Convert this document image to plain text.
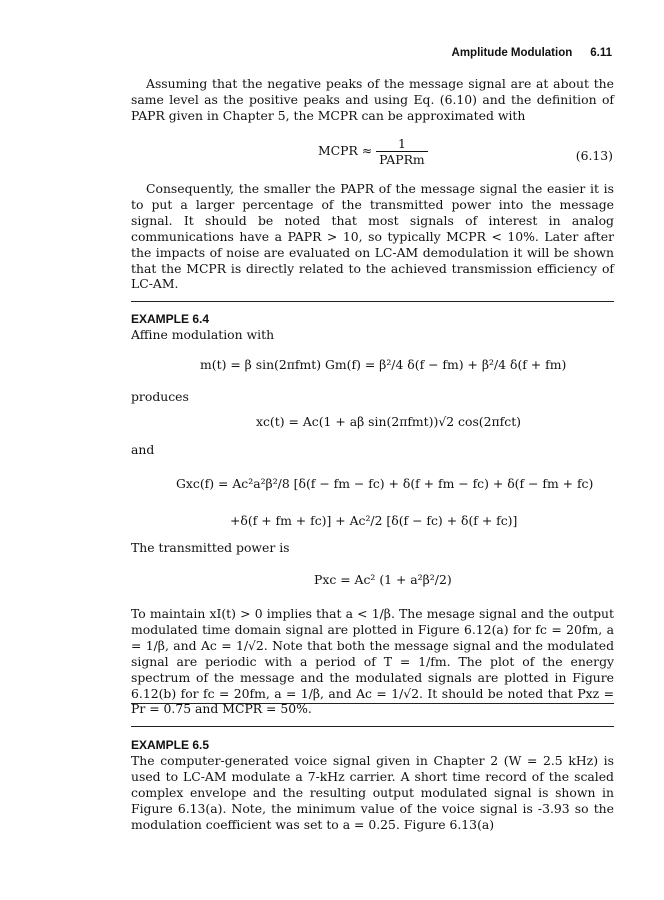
Amplitude Modulation 6.11

Assuming that the negative peaks of the message signal are at about the same level as the positive peaks and using Eq. (6.10) and the definition of PAPR given in Chapter 5, the MCPR can be approximated with

MCPR ≈ $\frac{1}{\text{PAPRm}}$	(6.13)

Consequently, the smaller the PAPR of the message signal the easier it is to put a larger percentage of the transmitted power into the message signal. It should be noted that most signals of interest in analog communications have a PAPR > 10, so typically MCPR < 10%. Later after the impacts of noise are evaluated on LC-AM demodulation it will be shown that the MCPR is directly related to the achieved transmission efficiency of LC-AM.

EXAMPLE 6.4
Affine modulation with
m(t) = β sin(2πfmt) Gm(f) = β²/4 δ(f − fm) + β²/4 δ(f + fm)
produces
xc(t) = Ac(1 + aβ sin(2πfmt))√2 cos(2πfct)
and
Gxc(f) = Ac²a²β²/8 [δ(f − fm − fc) + δ(f + fm − fc) + δ(f − fm + fc)
+δ(f + fm + fc)] + Ac²/2 [δ(f − fc) + δ(f + fc)]
The transmitted power is
Pxc = Ac² (1 + a²β²/2)

To maintain xI(t) > 0 implies that a < 1/β. The mesage signal and the output modulated time domain signal are plotted in Figure 6.12(a) for fc = 20fm, a = 1/β, and Ac = 1/√2. Note that both the message signal and the modulated signal are periodic with a period of T = 1/fm. The plot of the energy spectrum of the message and the modulated signals are plotted in Figure 6.12(b) for fc = 20fm, a = 1/β, and Ac = 1/√2. It should be noted that Pxz = Pr = 0.75 and MCPR = 50%.

EXAMPLE 6.5

The computer-generated voice signal given in Chapter 2 (W = 2.5 kHz) is used to LC-AM modulate a 7-kHz carrier. A short time record of the scaled complex envelope and the resulting output modulated signal is shown in Figure 6.13(a). Note, the minimum value of the voice signal is -3.93 so the modulation coefficient was set to a = 0.25. Figure 6.13(a)
